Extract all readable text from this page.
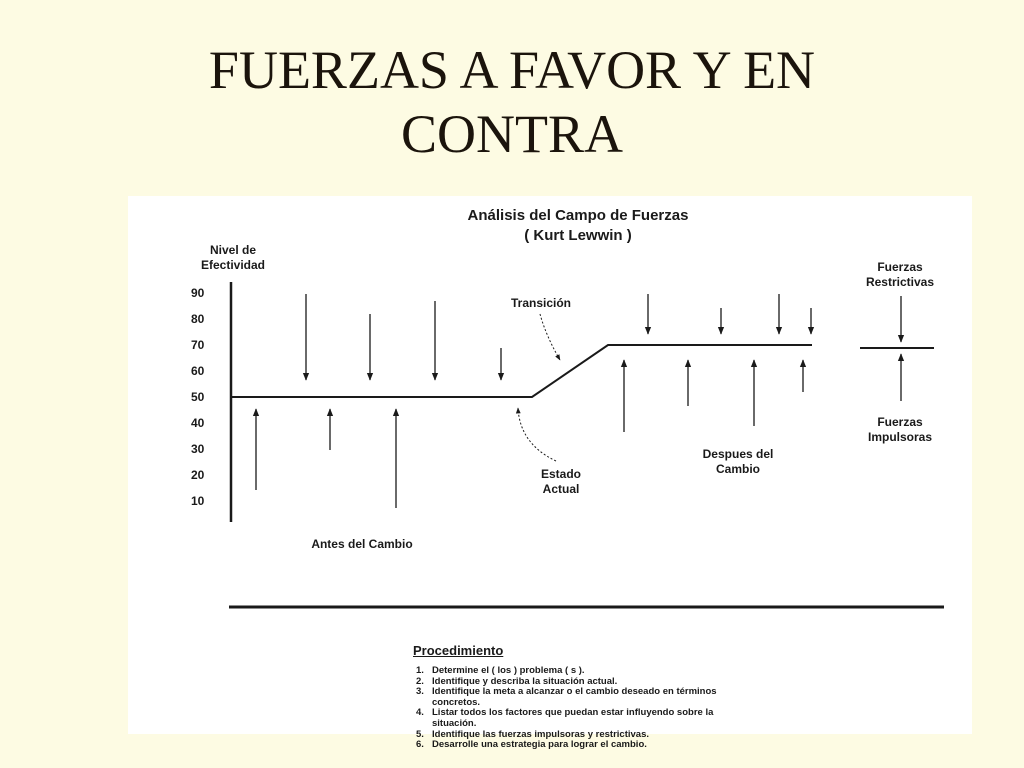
FUERZAS A FAVOR Y EN
CONTRA
Análisis del Campo de Fuerzas
( Kurt Lewwin )
Nivel de
Efectividad
90
80
70
60
50
40
30
20
10
Transición
Estado
Actual
Despues del
Cambio
Antes del Cambio
Fuerzas
Restrictivas
Fuerzas
Impulsoras
Procedimiento
1. Determine el ( los ) problema ( s ).
2. Identifique y describa la situación actual.
3. Identifique la meta a alcanzar o el cambio deseado en términos concretos.
4. Listar todos los factores que puedan estar influyendo sobre la situación.
5. Identifique las fuerzas impulsoras y restrictivas.
6. Desarrolle una estrategia para lograr el cambio.
